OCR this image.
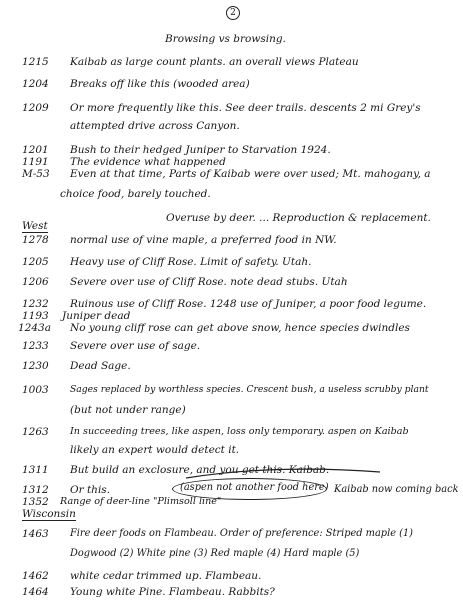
2
Browsing vs browsing.
1215 Kaibab as large count plants. an overall views Plateau
1204 Breaks off like this (wooded area)
1209 Or more frequently like this. See deer trails. descents 2 mi Grey's
attempted drive across Canyon.
1201 Bush to their hedged Juniper to Starvation 1924.
1191 The evidence what happened
M-53 Even at that time, Parts of Kaibab were over used; Mt. mahogany, a
choice food, barely touched.
Overuse by deer. ... Reproduction & replacement.
West
1278 normal use of vine maple, a preferred food in NW.
1205 Heavy use of Cliff Rose. Limit of safety. Utah.
1206 Severe over use of Cliff Rose. note dead stubs. Utah
1232 Ruinous use of Cliff Rose. 1248 use of Juniper, a poor food legume.
1193 Juniper dead
1243a No young cliff rose can get above snow, hence species dwindles
1233 Severe over use of sage.
1230 Dead Sage.
1003 Sages replaced by worthless species. Crescent bush, a useless scrubby plant
(but not under range)
1263 In succeeding trees, like aspen, loss only temporary. aspen on Kaibab
likely an expert would detect it.
1311 But build an exclosure, and you get this. Kaibab.
1312 Or this.	(aspen not another food here) Kaibab now coming back
1352 Range of deer-line "Plimsoll line"
Wisconsin
1463 Fire deer foods on Flambeau. Order of preference: Striped maple (1)
Dogwood (2) White pine (3) Red maple (4) Hard maple (5)
1462 white cedar trimmed up. Flambeau.
1464 Young white Pine. Flambeau. Rabbits?
